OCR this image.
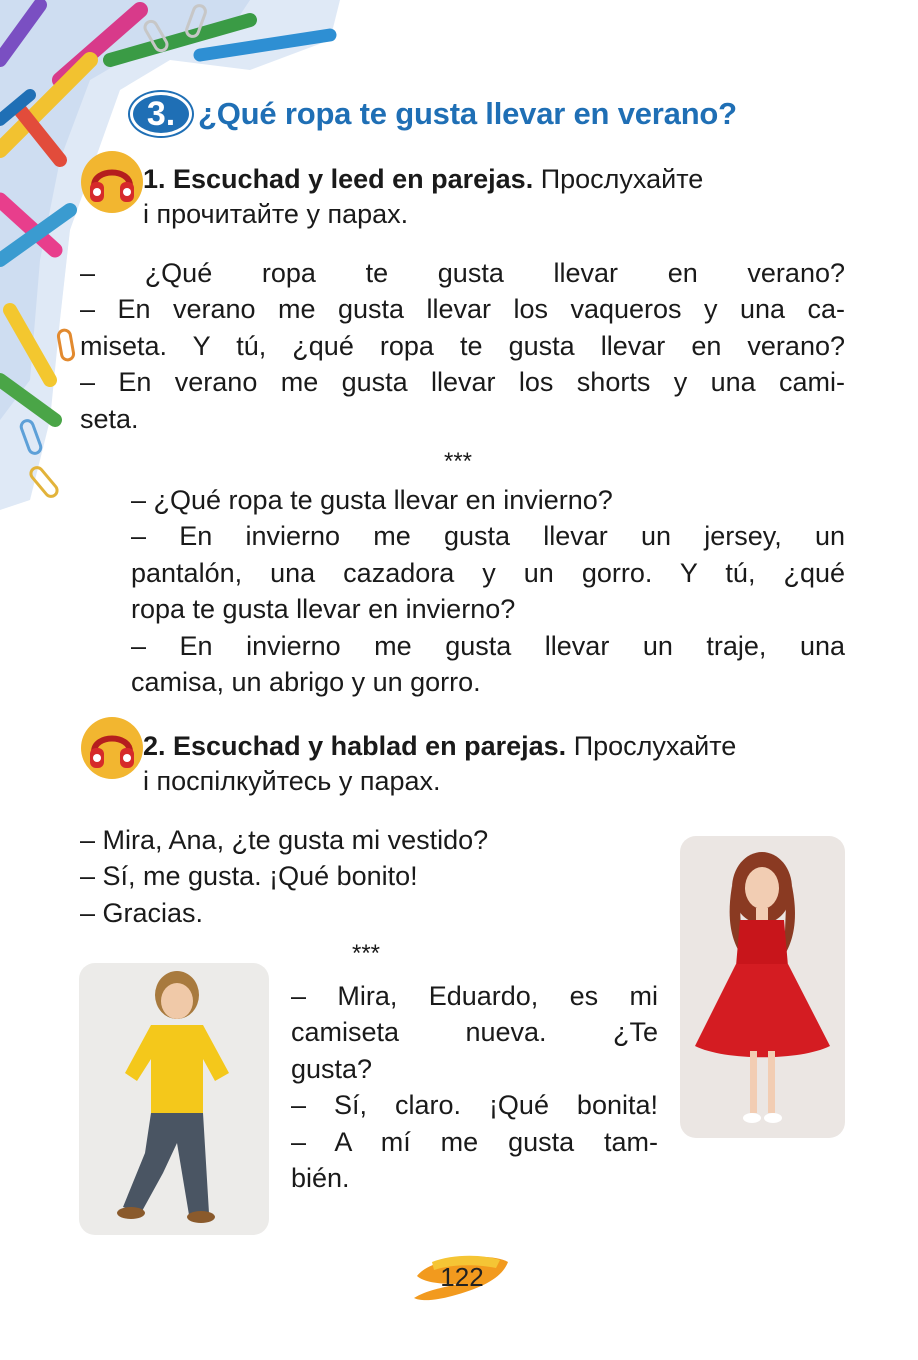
3. ¿Qué ropa te gusta llevar en verano?
1. Escuchad y leed en parejas. Прослухайте
і прочитайте у парах.
– ¿Qué ropa te gusta llevar en verano?
– En verano me gusta llevar los vaqueros y una ca-
miseta. Y tú, ¿qué ropa te gusta llevar en verano?
– En verano me gusta llevar los shorts y una cami-
seta.
***
– ¿Qué ropa te gusta llevar en invierno?
– En invierno me gusta llevar un jersey, un
pantalón, una cazadora y un gorro. Y tú, ¿qué
ropa te gusta llevar en invierno?
– En invierno me gusta llevar un traje, una
camisa, un abrigo y un gorro.
2. Escuchad y hablad en parejas. Прослухайте
і поспілкуйтесь у парах.
– Mira, Ana, ¿te gusta mi vestido?
– Sí, me gusta. ¡Qué bonito!
– Gracias.
***
– Mira, Eduardo, es mi
camiseta nueva. ¿Te
gusta?
– Sí, claro. ¡Qué bonita!
– A mí me gusta tam-
bién.
122
